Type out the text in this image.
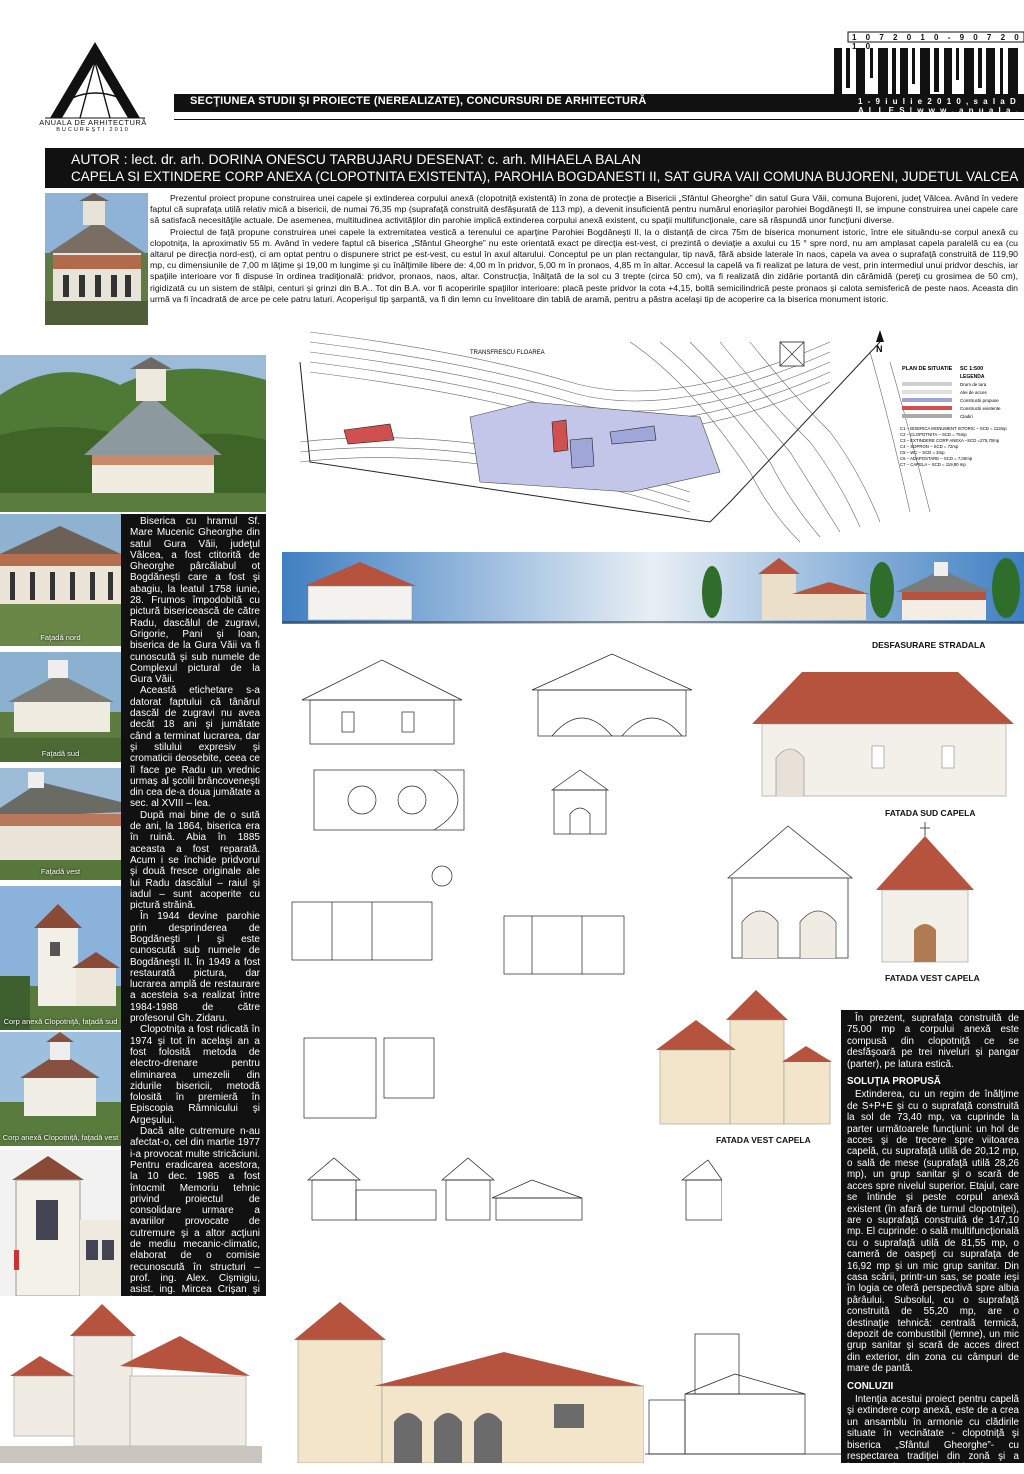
ANUALA DE ARHITECTURĂ
BUCUREŞTI 2010
1 0 7 2 0 1 0 - 9 0 7 2 0 1 0
SECŢIUNEA STUDII ŞI PROIECTE (NEREALIZATE), CONCURSURI DE ARHITECTURĂ	1 - 9 i u l i e 2 0 1 0 , s a l a D A L L E S | w w w . a n u a l a .
AUTOR : lect. dr. arh. DORINA ONESCU TARBUJARU DESENAT: c. arh. MIHAELA BALAN
CAPELA SI EXTINDERE CORP ANEXA (CLOPOTNITA EXISTENTA), PAROHIA BOGDANESTI II, SAT GURA VAII COMUNA BUJORENI, JUDETUL VALCEA

Prezentul proiect propune construirea unei capele şi extinderea corpului anexă (clopotniţă existentă) în zona de protecţie a Bisericii „Sfântul Gheorghe” din satul Gura Văii, comuna Bujoreni, judeţ Vâlcea. Având în vedere faptul că suprafaţa utilă relativ mică a bisericii, de numai 76,35 mp (suprafaţă construită desfăşurată de 113 mp), a devenit insuficientă pentru numărul enoriaşilor parohiei Bogdăneşti II, se impune construirea unei capele care să satisfacă necesităţile actuale. De asemenea, multitudinea activităţilor din parohie implică extinderea corpului anexă existent, cu spaţii multifuncţionale, care să răspundă unor funcţiuni diverse.

Proiectul de faţă propune construirea unei capele la extremitatea vestică a terenului ce aparţine Parohiei Bogdăneşti II, la o distanţă de circa 75m de biserica monument istoric, între ele situându-se corpul anexă cu clopotniţa, la aproximativ 55 m. Având în vedere faptul că biserica „Sfântul Gheorghe” nu este orientată exact pe direcţia est-vest, ci prezintă o deviaţie a axului cu 15 ° spre nord, nu am amplasat capela paralelă cu ea (cu altarul pe direcţia nord-est), ci am optat pentru o dispunere strict pe est-vest, cu estul în axul altarului. Conceptul pe un plan rectangular, tip navă, fără abside laterale în naos, capela va avea o suprafaţă construită de 119,90 mp, cu dimensiunile de 7,00 m lăţime şi 19,00 m lungime şi cu înălţimile libere de: 4,00 m în pridvor, 5,00 m în pronaos, 4,85 m în altar. Accesul la capelă va fi realizat pe latura de vest, prin intermediul unui pridvor deschis, iar spaţiile interioare vor fi dispuse în ordinea tradiţională: pridvor, pronaos, naos, altar. Construcţia, înălţată de la sol cu 3 trepte (circa 50 cm), va fi realizată din zidărie portantă din cărămidă (pereţi cu grosimea de 50 cm), rigidizată cu un sistem de stâlpi, centuri şi grinzi din B.A.. Tot din B.A. vor fi acoperirile spaţiilor interioare: placă peste pridvor la cota +4,15, boltă semicilindrică peste pronaos şi calota semisferică de peste naos. Aceasta din urmă va fi încadrată de arce pe cele patru laturi. Acoperişul tip şarpantă, va fi din lemn cu învelitoare din tablă de aramă, pentru a păstra acelaşi tip de acoperire ca la biserica monument istoric.

Faţadă nord
Faţadă sud
Faţadă vest
Corp anexă Clopotniţă, faţadă sud
Corp anexă Clopotniţă, faţadă vest

Biserica cu hramul Sf. Mare Mucenic Gheorghe din satul Gura Văii, judeţul Vâlcea, a fost ctitorită de Gheorghe pârcălabul ot Bogdăneşti care a fost şi abagiu, la leatul 1758 iunie, 28. Frumos împodobită cu pictură bisericească de către Radu, dascălul de zugravi, Grigorie, Pani şi Ioan, biserica de la Gura Văii va fi cunoscută şi sub numele de Complexul pictural de la Gura Văii.

Această etichetare s-a datorat faptului că tânărul dascăl de zugravi nu avea decât 18 ani şi jumătate când a terminat lucrarea, dar şi stilului expresiv şi cromaticii deosebite, ceea ce îl face pe Radu un vrednic urmaş al şcolii brâncoveneşti din cea de-a doua jumătate a sec. al XVIII – lea.

După mai bine de o sută de ani, la 1864, biserica era în ruină. Abia în 1885 aceasta a fost reparată. Acum i se închide pridvorul şi două fresce originale ale lui Radu dascălul – raiul şi iadul – sunt acoperite cu pictură străină.

În 1944 devine parohie prin desprinderea de Bogdăneşti I şi este cunoscută sub numele de Bogdăneşti II. În 1949 a fost restaurată pictura, dar lucrarea amplă de restaurare a acesteia s-a realizat între 1984-1988 de către profesorul Gh. Zidaru.

Clopotniţa a fost ridicată în 1974 şi tot în acelaşi an a fost folosită metoda de electro-drenare pentru eliminarea umezelii din zidurile bisericii, metodă folosită în premieră în Episcopia Râmnicului şi Argeşului.

Dacă alte cutremure n-au afectat-o, cel din martie 1977 i-a provocat multe stricăciuni. Pentru eradicarea acestora, la 10 dec. 1985 a fost întocmit Memoriu tehnic privind proiectul de consolidare urmare a avariilor provocate de cutremure şi a altor acţiuni de mediu mecanic-climatic, elaborat de o comisie recunoscută în structuri – prof. ing. Alex. Cişmigiu, asist. ing. Mircea Crişan şi

TRANSFRESCU FLOAREA	N
PLAN DE SITUATIE SC 1:500
LEGENDA
Drum de tura
Alei de acces
Constructii propuse
Constructii existente
Cladiri
C1 – BISERICA MONUMENT ISTORIC – SCD = 113mp
C2 – CLOPOTNITA – SCD = 75mp
C3 – EXTINDERE CORP ANEXA –SCD =275,70mp
C4 – SOPRON – SCD = 72mp
C5 – WC – SCD = 3mp
C6 – ADAPOSTARE – SCD = 7,00mp
C7 – CAPELA – SCD = 119,90 mp
DESFASURARE STRADALA
FATADA SUD CAPELA
FATADA VEST CAPELA
FATADA VEST CAPELA

În prezent, suprafaţa construită de 75,00 mp a corpului anexă este compusă din clopotniţă ce se desfăşoară pe trei niveluri şi pangar (parter), pe latura estică.

SOLUŢIA PROPUSĂ

Extinderea, cu un regim de înălţime de S+P+E şi cu o suprafaţă construită la sol de 73,40 mp, va cuprinde la parter următoarele funcţiuni: un hol de acces şi de trecere spre viitoarea capelă, cu suprafaţă utilă de 20,12 mp, o sală de mese (suprafaţă utilă 28,26 mp), un grup sanitar şi o scară de acces spre nivelul superior. Etajul, care se întinde şi peste corpul anexă existent (în afară de turnul clopotniţei), are o suprafaţă construită de 147,10 mp. El cuprinde: o sală multifuncţională cu o suprafaţă utilă de 81,55 mp, o cameră de oaspeţi cu suprafaţa de 16,92 mp şi un mic grup sanitar. Din casa scării, printr-un sas, se poate ieşi în logia ce oferă perspectivă spre albia pârâului. Subsolul, cu o suprafaţă construită de 55,20 mp, are o destinaţie tehnică: centrală termică, depozit de combustibil (lemne), un mic grup sanitar şi scară de acces direct din exterior, din zona cu câmpuri de mare de pantă.

CONLUZII

Intenţia acestui proiect pentru capelă şi extindere corp anexă, este de a crea un ansamblu în armonie cu clădirile situate în vecinătate - clopotniţă şi biserica „Sfântul Gheorghe”- cu respectarea tradiţiei din zonă şi a importanţei monumentului istoric.
